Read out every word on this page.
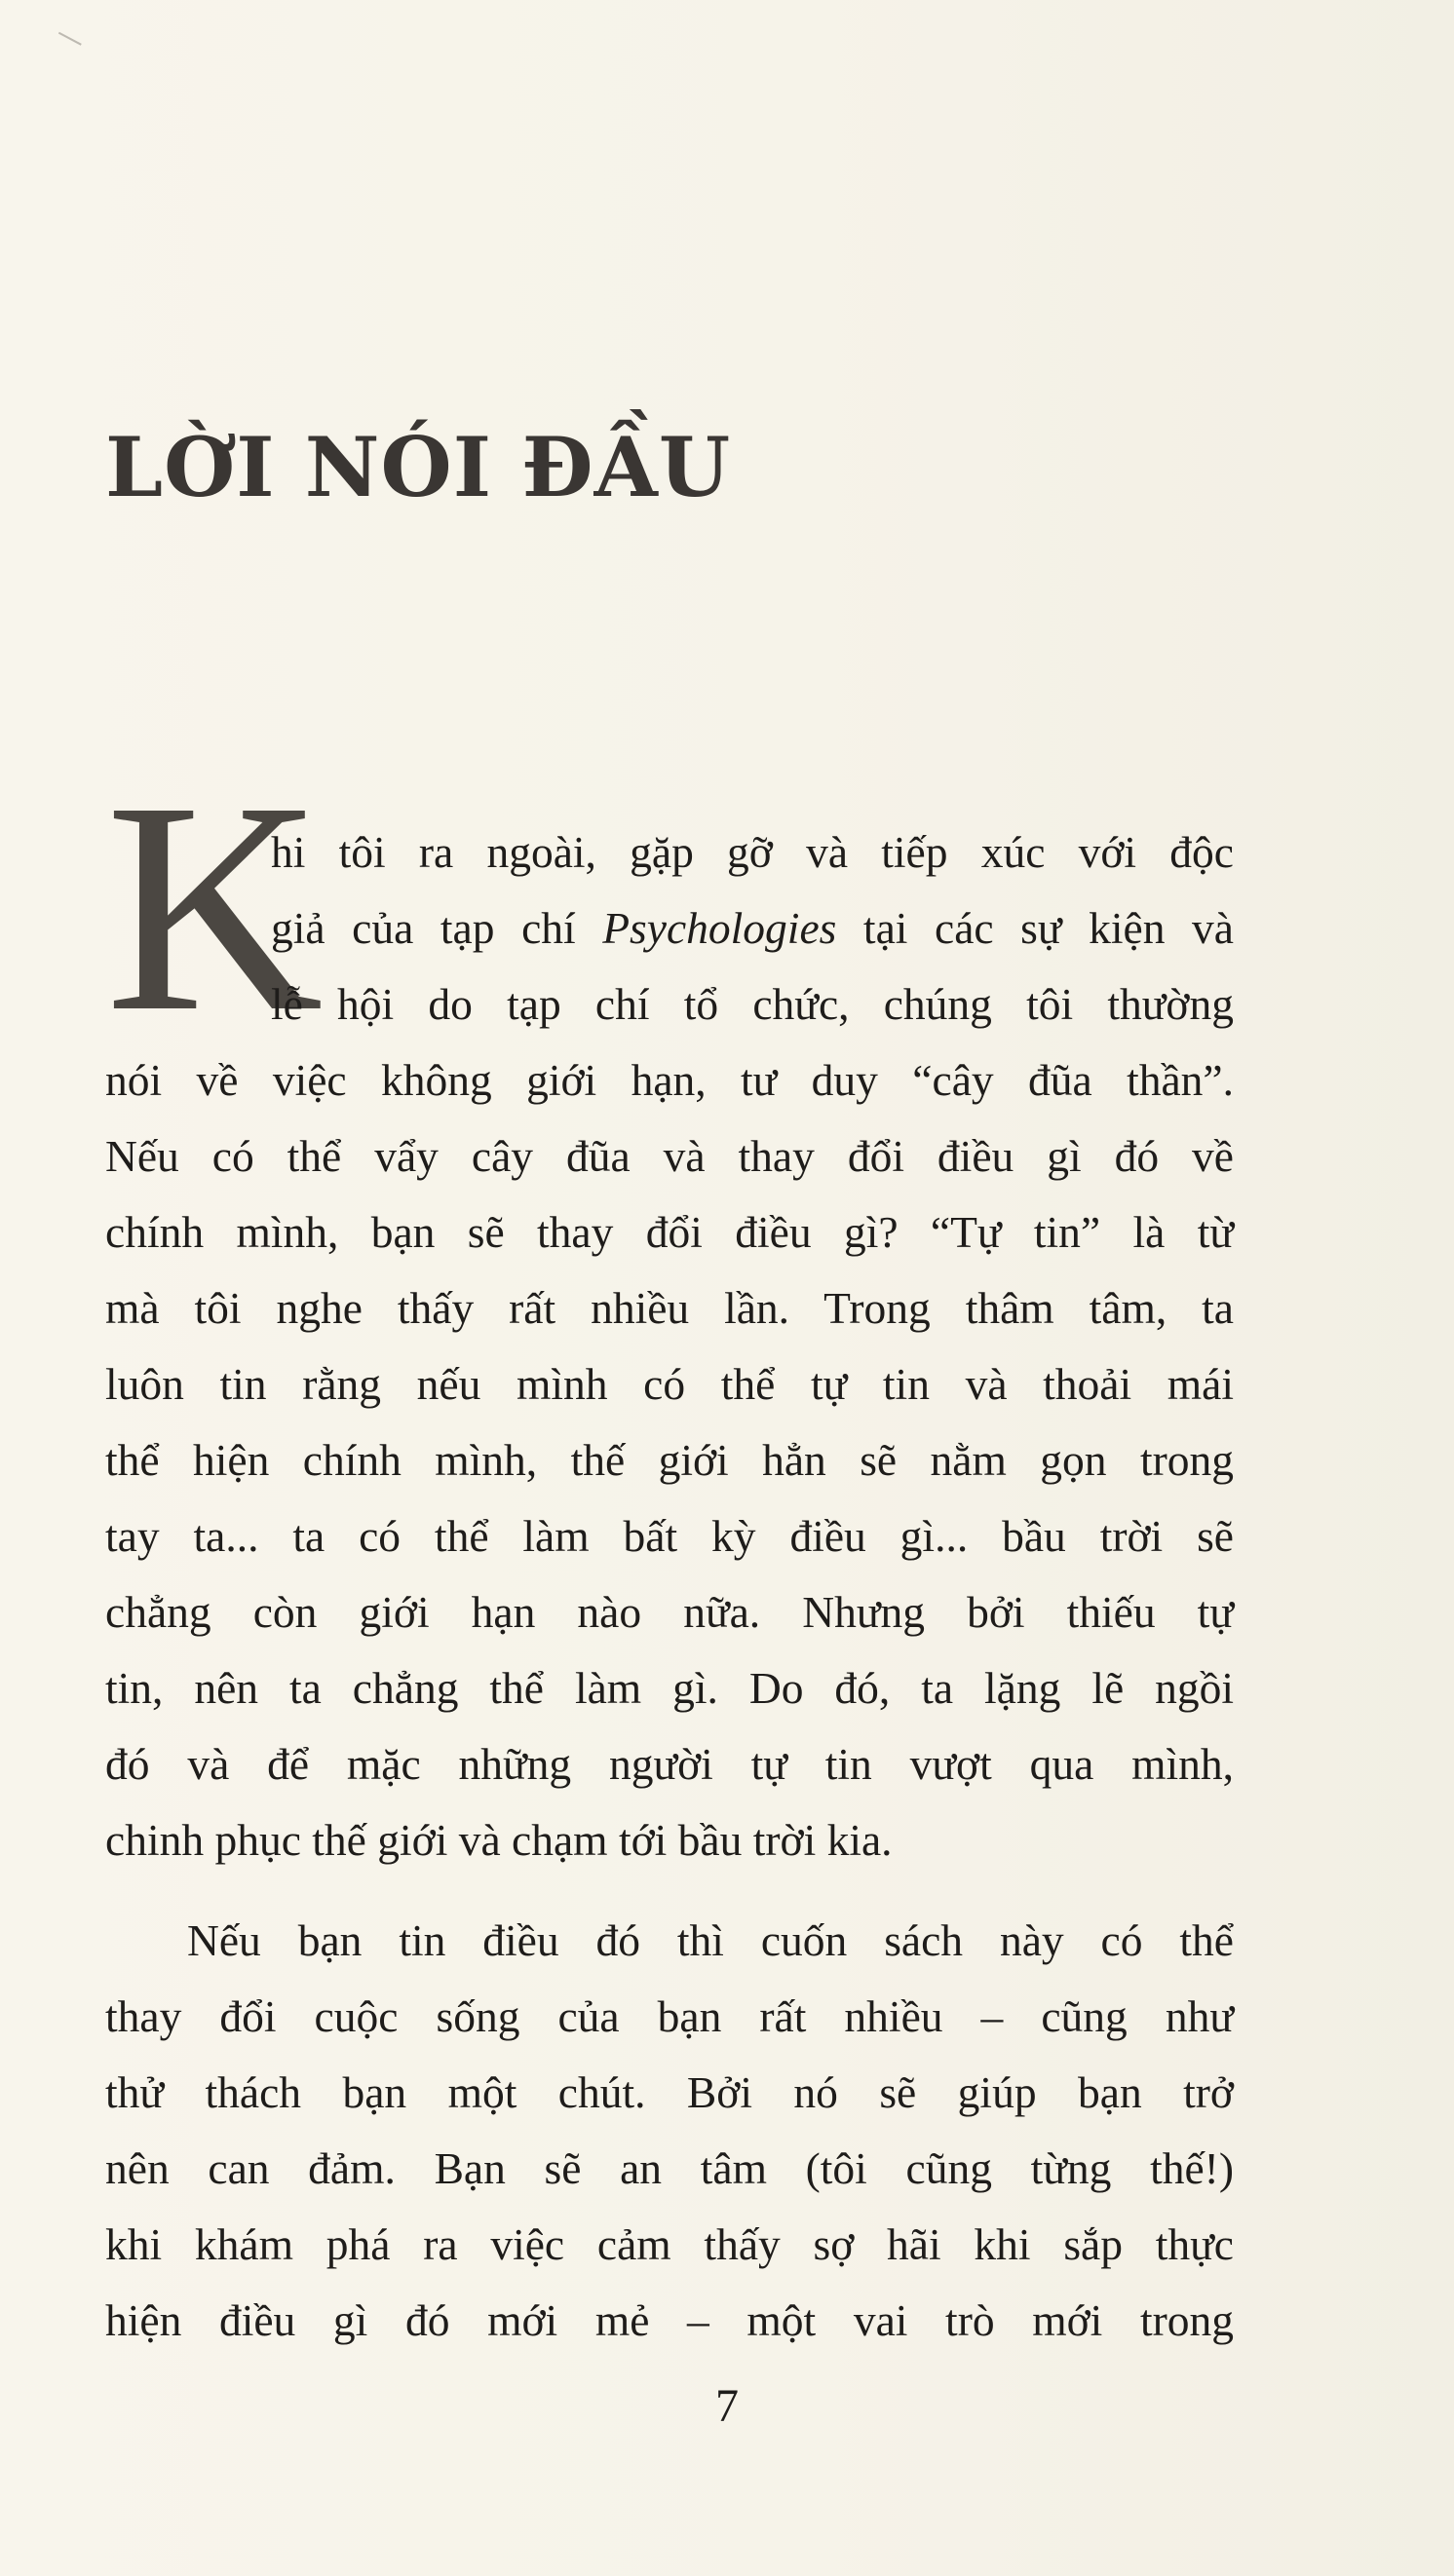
LỜI NÓI ĐẦU
K
hi tôi ra ngoài, gặp gỡ và tiếp xúc với độc
giả của tạp chí Psychologies tại các sự kiện và
lễ hội do tạp chí tổ chức, chúng tôi thường
nói về việc không giới hạn, tư duy “cây đũa thần”.
Nếu có thể vẩy cây đũa và thay đổi điều gì đó về
chính mình, bạn sẽ thay đổi điều gì? “Tự tin” là từ
mà tôi nghe thấy rất nhiều lần. Trong thâm tâm, ta
luôn tin rằng nếu mình có thể tự tin và thoải mái
thể hiện chính mình, thế giới hẳn sẽ nằm gọn trong
tay ta... ta có thể làm bất kỳ điều gì... bầu trời sẽ
chẳng còn giới hạn nào nữa. Nhưng bởi thiếu tự
tin, nên ta chẳng thể làm gì. Do đó, ta lặng lẽ ngồi
đó và để mặc những người tự tin vượt qua mình,
chinh phục thế giới và chạm tới bầu trời kia.
Nếu bạn tin điều đó thì cuốn sách này có thể
thay đổi cuộc sống của bạn rất nhiều – cũng như
thử thách bạn một chút. Bởi nó sẽ giúp bạn trở
nên can đảm. Bạn sẽ an tâm (tôi cũng từng thế!)
khi khám phá ra việc cảm thấy sợ hãi khi sắp thực
hiện điều gì đó mới mẻ – một vai trò mới trong
7
